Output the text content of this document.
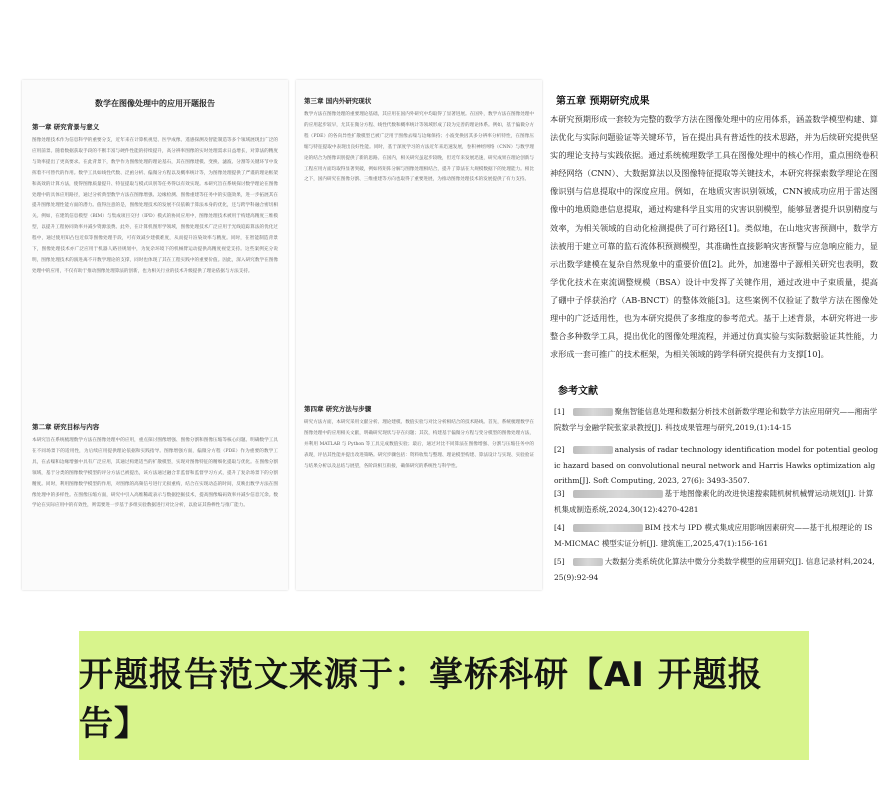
数学在图像处理中的应用开题报告
第一章 研究背景与意义
图像处理技术作为信息科学的重要分支，近年来在计算机视觉、医学成像、遥感探测及智能制造等多个领域展现出广泛的应用前景。随着数据获取手段的不断丰富与硬件性能的持续提升，高分辨率图像的实时处理需求日益增长，对算法的精度与效率提出了更高要求。在此背景下，数学作为图像处理的理论基石，其在图像建模、变换、滤波、分割等关键环节中发挥着不可替代的作用。数学工具如线性代数、泛函分析、偏微分方程以及概率统计等，为图像处理提供了严谨的理论框架和高效的计算方法，使得图像质量提升、特征提取与模式识别等任务得以有效实现。本研究旨在系统探讨数学理论在图像处理中的具体应用路径，通过分析典型数学方法在图像增强、边缘检测、图像重建等任务中的实施效果，进一步拓展其在提升图像处理性能方面的潜力。值得注意的是，图像处理技术的发展不仅依赖于算法本身的优化，还与跨学科融合密切相关。例如，在建筑信息模型（BIM）与集成项目交付（IPD）模式的协同应用中，图像处理技术被用于构建高精度三维模型，以提升工程协同效率并减少资源浪费。此外，在计算机图形学领域，图像处理技术广泛应用于光线追踪算法的优化过程中，通过使用知凸包近似等图像处理手段，可有效减少建模难度，从而提升渲染效率与精度。同时，在智能制造背景下，图像处理技术亦广泛应用于机器人路径规划中，为复杂环境下的机械臂运动提供高精度视觉支持。这些案例充分说明，图像处理技术的演进离不开数学理论的支撑，同时也体现了其在工程实践中的重要价值。因此，深入研究数学在图像处理中的应用，不仅有助于推动图像处理算法的创新，也为相关行业的技术升级提供了理论依据与方法支持。
第二章 研究目标与内容
本研究旨在系统梳理数学方法在图像处理中的应用，重点探讨图像增强、图像分割和图像压缩等核心问题。明确数学工具在不同场景下的适用性，为后续应用提供理论依据和实践指导。图像增强方面，偏微分方程（PDE）作为重要的数学工具，在去噪和边缘增强中具有广泛应用，其通过构建适当的扩散模型，实现对图像特征的精细化提取与优化。在图像分割领域，基于分类的图像数学模型的评分方法已被提出，该方法通过融合非监督和监督学习方式，提升了复杂场景下的分割精度。同时，利用图像数学模型的作用，对图像的高频信号进行无损重构，结合在实现动态的时间，反映出数学方法在图像处理中的多样性。在图像压缩方面，研究中引入高维稀疏表示与数据挖掘技术，提高图像编码效率并减少信息冗余。数学论在实际应用中的有效性，则需要进一步基于多组实验数据进行对比分析，以验证其鲁棒性与推广能力。
第三章 国内外研究现状
数学方法在图像处理的重要理论基础，其应用在国内外研究中均取得了显著进展。在国外，数学方法在图像处理中的应用起步较早，尤其在微分方程、线性代数和概率统计等领域形成了较为完善的理论体系。例如，基于偏微分方程（PDE）的各向异性扩散模型已被广泛用于图像去噪与边缘保持；小波变换因其多分辨率分析特性，在图像压缩与特征提取中表现出良好性能。同时，基于深度学习的方法近年来迅速发展，卷积神经网络（CNN）与数学理论的结合为图像识别提供了新的思路。在国内，相关研究虽起步较晚，但近年来发展迅速，研究成果在理论创新与工程应用方面均取得显著突破，例如将矩阵分解与图像处理相结合，提升了算法在大规模数据下的处理能力。相比之下，国内研究在图像分割、三维重建等方向也取得了重要进展，为推动图像处理技术的发展提供了有力支持。
第四章 研究方法与步骤
研究方法方面，本研究采用文献分析、理论建模、数值实验与对比分析相结合的技术路线。首先，系统梳理数学在图像处理中的应用相关文献，明确研究现状与存在问题；其次，构建基于偏微分方程与变分模型的图像处理方法，并利用 MATLAB 与 Python 等工具完成数值实验；最后，通过对比不同算法在图像增强、分割与压缩任务中的表现，评估其性能并提出改进策略。研究步骤包括：资料收集与整理、理论模型构建、算法设计与实现、实验验证与结果分析以及总结与展望，各阶段相互衔接，确保研究的系统性与科学性。
第五章 预期研究成果
本研究预期形成一套较为完整的数学方法在图像处理中的应用体系，涵盖数学模型构建、算法优化与实际问题验证等关键环节，旨在提出具有普适性的技术思路，并为后续研究提供坚实的理论支持与实践依据。通过系统梳理数学工具在图像处理中的核心作用，重点围绕卷积神经网络（CNN）、大数据算法以及图像特征提取等关键技术，本研究将探索数学理论在图像识别与信息提取中的深度应用。例如，在地质灾害识别领域，CNN被成功应用于雷达图像中的地质隐患信息提取，通过构建科学且实用的灾害识别模型，能够显著提升识别精度与效率，为相关领域的自动化检测提供了可行路径[1]。类似地，在山地灾害预测中，数学方法被用于建立可靠的监石流体积预测模型，其准确性直接影响灾害预警与应急响应能力，显示出数学建模在复杂自然现象中的重要价值[2]。此外，加速器中子源相关研究也表明，数学优化技术在束流调整规模（BSA）设计中发挥了关键作用，通过改进中子束质量，提高了硼中子俘获治疗（AB-BNCT）的整体效能[3]。这些案例不仅验证了数学方法在图像处理中的广泛适用性，也为本研究提供了多维度的参考范式。基于上述背景，本研究将进一步整合多种数学工具，提出优化的图像处理流程，并通过仿真实验与实际数据验证其性能，力求形成一套可推广的技术框架，为相关领域的跨学科研究提供有力支撑[10]。
参考文献
[1]	聚焦智能信息处理和数据分析技术创新数学理论和数学方法应用研究——湘南学院数学与金融学院张家录教授[J]. 科技成果管理与研究,2019,(1):14-15
[2]	analysis of radar technology identification model for potential geologic hazard based on convolutional neural network and Harris Hawks optimization algorithm[J]. Soft Computing, 2023, 27(6): 3493-3507.
[3]	基于地图像素化的改进快速搜索随机树机械臂运动规划[J]. 计算机集成制造系统,2024,30(12):4270-4281
[4]	BIM 技术与 IPD 模式集成应用影响因素研究——基于扎根理论的 ISM-MICMAC 模型实证分析[J]. 建筑施工,2025,47(1):156-161
[5]	大数据分类系统优化算法中微分分类数学模型的应用研究[J]. 信息记录材料,2024,25(9):92-94
开题报告范文来源于：掌桥科研【AI 开题报告】
